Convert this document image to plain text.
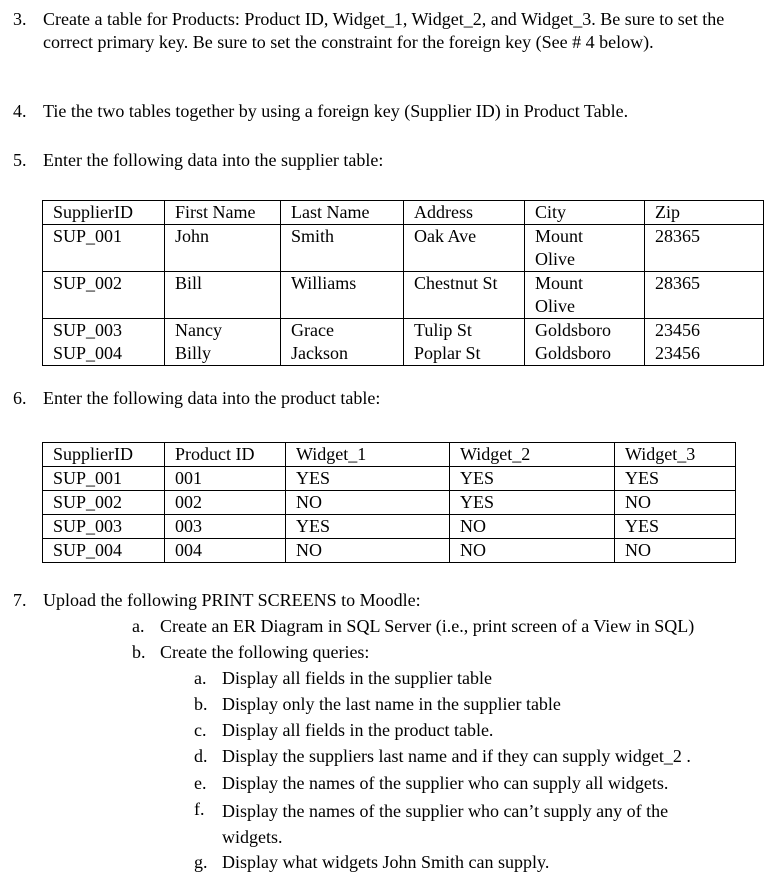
3. Create a table for Products: Product ID, Widget_1, Widget_2, and Widget_3. Be sure to set the correct primary key. Be sure to set the constraint for the foreign key (See # 4 below).
4. Tie the two tables together by using a foreign key (Supplier ID) in Product Table.
5. Enter the following data into the supplier table:
SupplierID	First Name	Last Name	Address	City	Zip
SUP_001	John	Smith	Oak Ave	Mount Olive	28365
SUP_002	Bill	Williams	Chestnut St	Mount Olive	28365
SUP_003	Nancy	Grace	Tulip St	Goldsboro	23456
SUP_004	Billy	Jackson	Poplar St	Goldsboro	23456
6. Enter the following data into the product table:
SupplierID	Product ID	Widget_1	Widget_2	Widget_3
SUP_001	001	YES	YES	YES
SUP_002	002	NO	YES	NO
SUP_003	003	YES	NO	YES
SUP_004	004	NO	NO	NO
7. Upload the following PRINT SCREENS to Moodle:
a. Create an ER Diagram in SQL Server (i.e., print screen of a View in SQL)
b. Create the following queries:
a. Display all fields in the supplier table
b. Display only the last name in the supplier table
c. Display all fields in the product table.
d. Display the suppliers last name and if they can supply widget_2 .
e. Display the names of the supplier who can supply all widgets.
f. Display the names of the supplier who can’t supply any of the widgets.
g. Display what widgets John Smith can supply.
